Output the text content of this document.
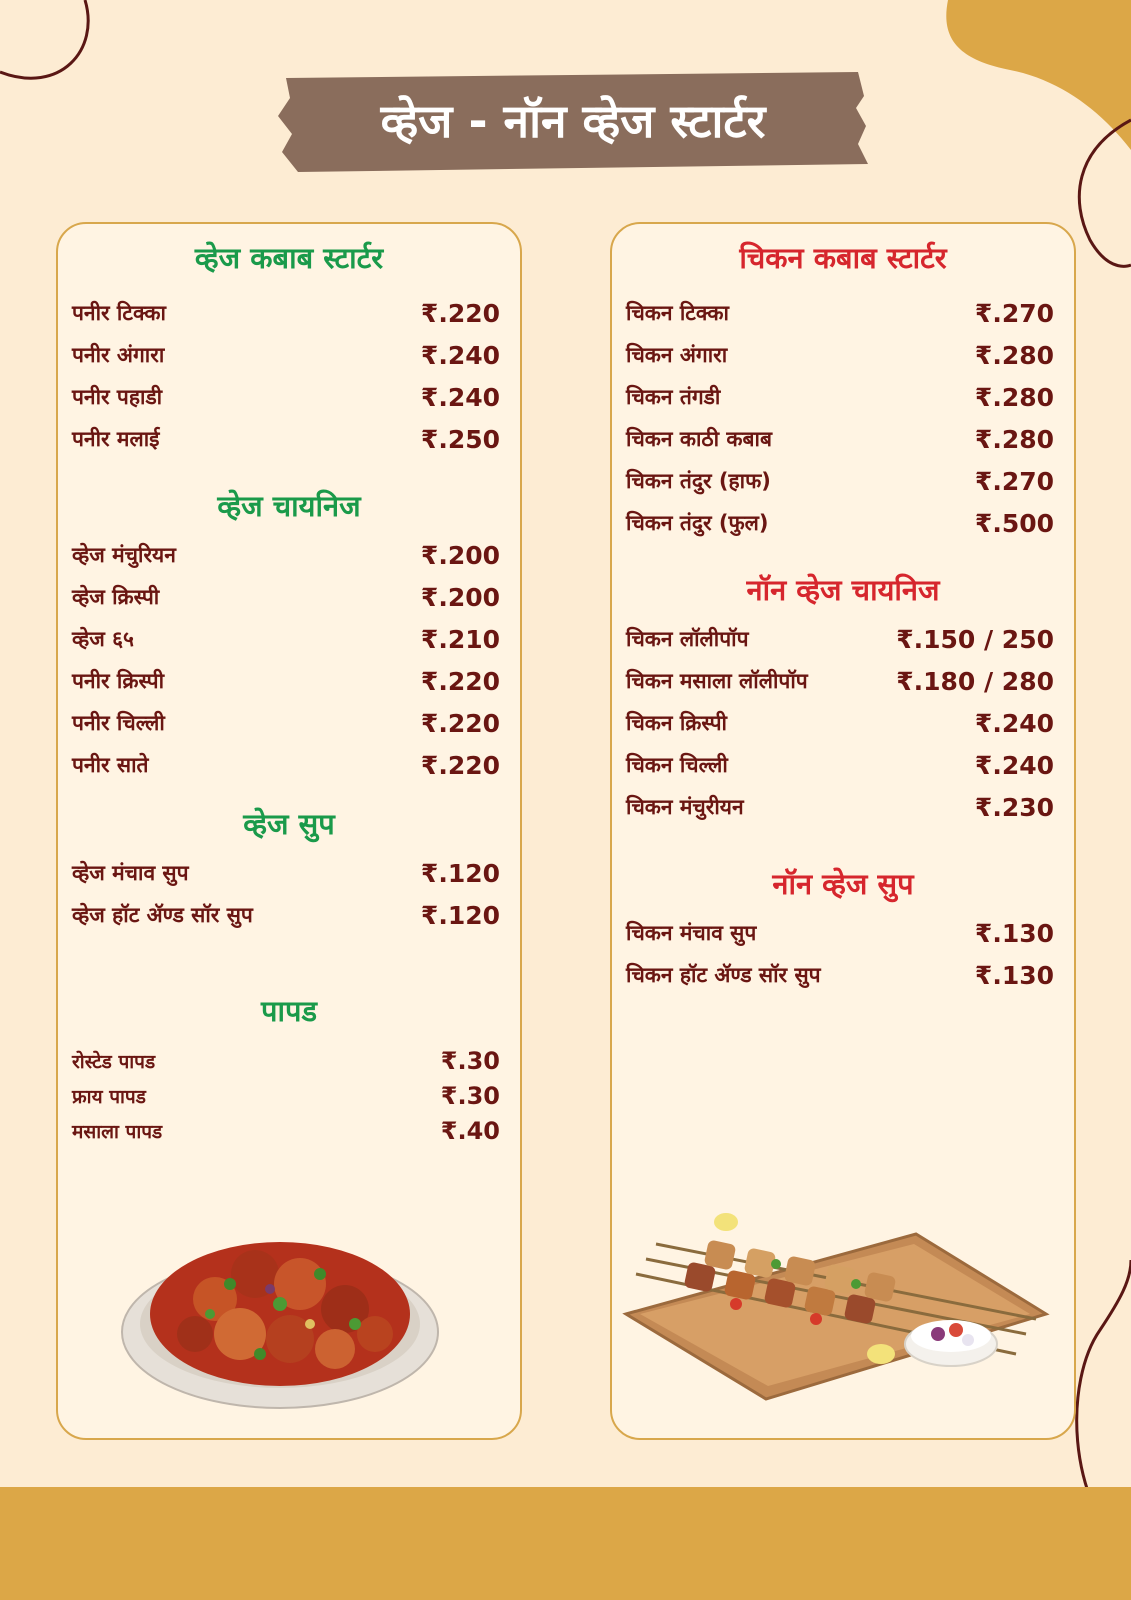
व्हेज - नॉन व्हेज स्टार्टर
व्हेज कबाब स्टार्टर
पनीर टिक्का	₹.220
पनीर अंगारा	₹.240
पनीर पहाडी	₹.240
पनीर मलाई	₹.250
व्हेज चायनिज
व्हेज मंचुरियन	₹.200
व्हेज क्रिस्पी	₹.200
व्हेज ६५	₹.210
पनीर क्रिस्पी	₹.220
पनीर चिल्ली	₹.220
पनीर साते	₹.220
व्हेज सुप
व्हेज मंचाव सुप	₹.120
व्हेज हॉट ॲण्ड सॉर सुप	₹.120
पापड
रोस्टेड पापड	₹.30
फ्राय पापड	₹.30
मसाला पापड	₹.40
चिकन कबाब स्टार्टर
चिकन टिक्का	₹.270
चिकन अंगारा	₹.280
चिकन तंगडी	₹.280
चिकन काठी कबाब	₹.280
चिकन तंदुर (हाफ)	₹.270
चिकन तंदुर (फुल)	₹.500
नॉन व्हेज चायनिज
चिकन लॉलीपॉप	₹.150 / 250
चिकन मसाला लॉलीपॉप	₹.180 / 280
चिकन क्रिस्पी	₹.240
चिकन चिल्ली	₹.240
चिकन मंचुरीयन	₹.230
नॉन व्हेज सुप
चिकन मंचाव सुप	₹.130
चिकन हॉट ॲण्ड सॉर सुप	₹.130
